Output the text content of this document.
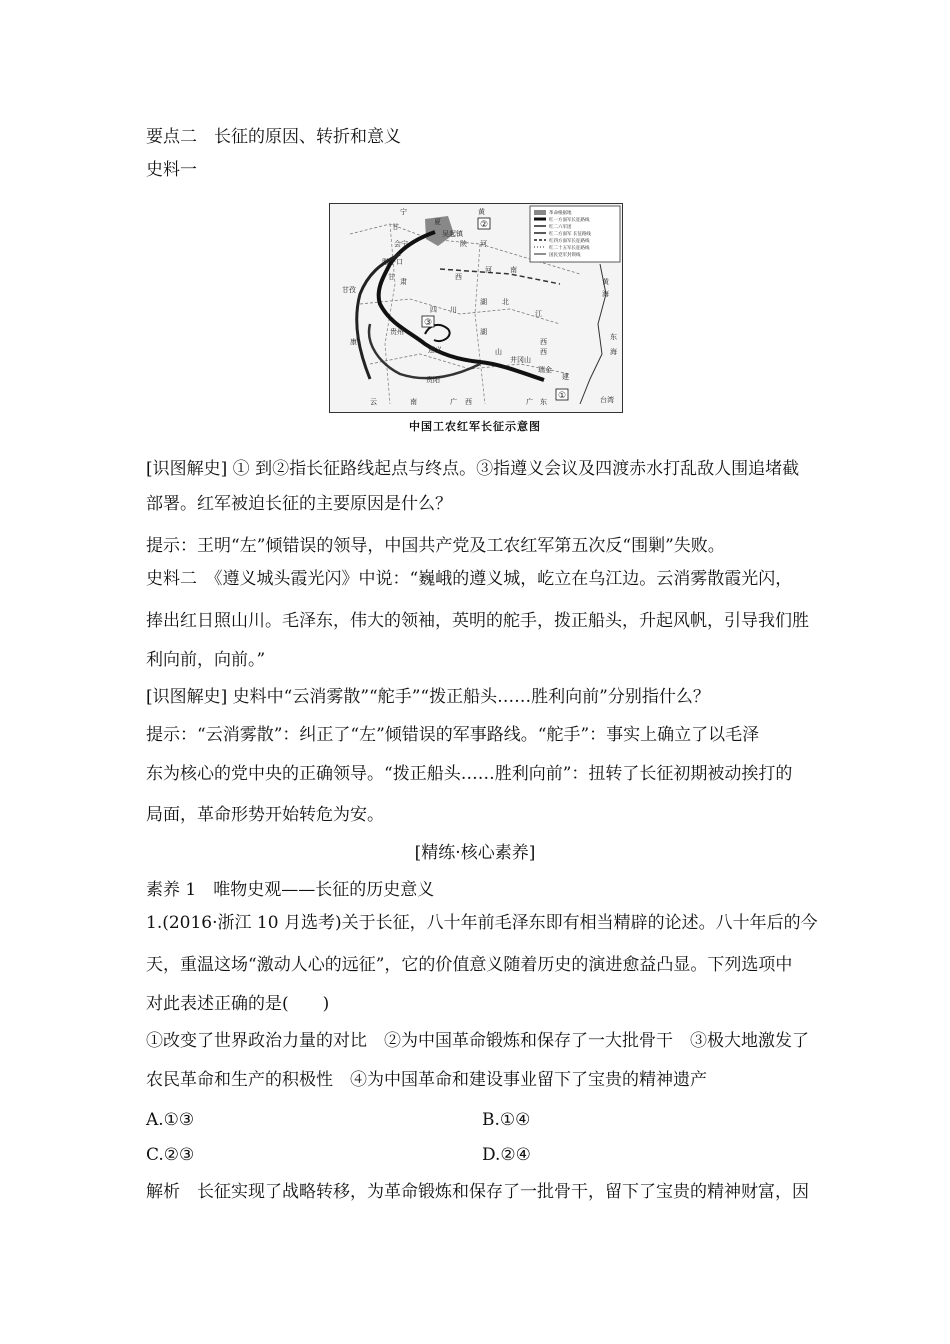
要点二　长征的原因、转折和意义
史料一
革命根据地
红一方面军长征路线
红二六军团
红二方面军 长征路线
红四方面军长征路线
红二十五军长征路线
国民党军封锁线
②
③
①
宁
甘
夏
吴起镇
黄
河
陕
会宁
腊子口
甘
肃
西
河	南
甘孜
四 川
湖 北
江
西
湖
贵州
遵义
瑞金
井冈山
贵阳
云	南	广 西	广 东
建
黄
海
东
海
台湾
康
山	西
中国工农红军长征示意图
[识图解史] ① 到②指长征路线起点与终点。③指遵义会议及四渡赤水打乱敌人围追堵截
部署。红军被迫长征的主要原因是什么？
提示：王明“左”倾错误的领导，中国共产党及工农红军第五次反“围剿”失败。
史料二　《遵义城头霞光闪》中说：“巍峨的遵义城，屹立在乌江边。云消雾散霞光闪，
捧出红日照山川。毛泽东，伟大的领袖，英明的舵手，拨正船头，升起风帆，引导我们胜
利向前，向前。”
[识图解史] 史料中“云消雾散”“舵手”“拨正船头……胜利向前”分别指什么？
提示：“云消雾散”：纠正了“左”倾错误的军事路线。“舵手”：事实上确立了以毛泽
东为核心的党中央的正确领导。“拨正船头……胜利向前”：扭转了长征初期被动挨打的
局面，革命形势开始转危为安。
[精练·核心素养]
素养 1　唯物史观——长征的历史意义
1.(2016·浙江 10 月选考)关于长征，八十年前毛泽东即有相当精辟的论述。八十年后的今
天，重温这场“激动人心的远征”，它的价值意义随着历史的演进愈益凸显。下列选项中
对此表述正确的是(　　)
①改变了世界政治力量的对比　②为中国革命锻炼和保存了一大批骨干　③极大地激发了
农民革命和生产的积极性　④为中国革命和建设事业留下了宝贵的精神遗产
A.①③	B.①④
C.②③	D.②④
解析　长征实现了战略转移，为革命锻炼和保存了一批骨干，留下了宝贵的精神财富，因
